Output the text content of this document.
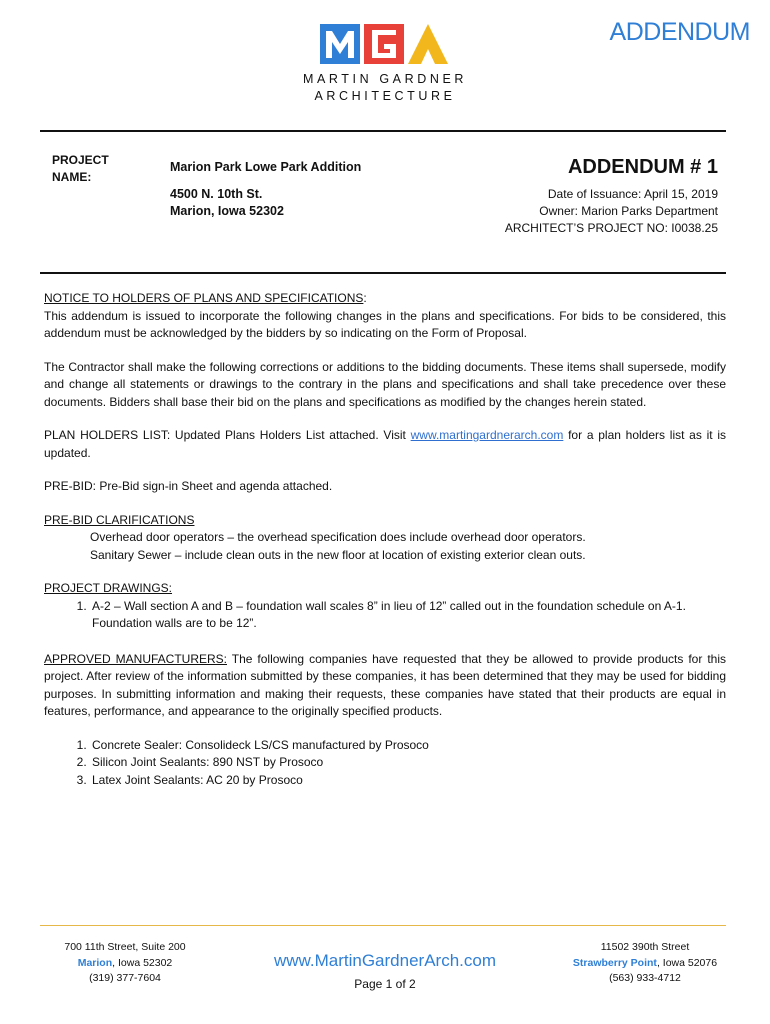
ADDENDUM
MARTIN GARDNER
ARCHITECTURE
PROJECT
NAME:
Marion Park Lowe Park Addition
4500 N. 10th St.
Marion, Iowa 52302
ADDENDUM # 1
Date of Issuance: April 15, 2019
Owner: Marion Parks Department
ARCHITECT’S PROJECT NO: I0038.25

NOTICE TO HOLDERS OF PLANS AND SPECIFICATIONS:
This addendum is issued to incorporate the following changes in the plans and specifications. For bids to be considered, this addendum must be acknowledged by the bidders by so indicating on the Form of Proposal.

The Contractor shall make the following corrections or additions to the bidding documents. These items shall supersede, modify and change all statements or drawings to the contrary in the plans and specifications and shall take precedence over these documents. Bidders shall base their bid on the plans and specifications as modified by the changes herein stated.

PLAN HOLDERS LIST: Updated Plans Holders List attached. Visit www.martingardnerarch.com for a plan holders list as it is updated.

PRE-BID: Pre-Bid sign-in Sheet and agenda attached.

PRE-BID CLARIFICATIONS
Overhead door operators – the overhead specification does include overhead door operators.
Sanitary Sewer – include clean outs in the new floor at location of existing exterior clean outs.

PROJECT DRAWINGS:
1. A-2 – Wall section A and B – foundation wall scales 8” in lieu of 12” called out in the foundation schedule on A-1. Foundation walls are to be 12”.

APPROVED MANUFACTURERS: The following companies have requested that they be allowed to provide products for this project. After review of the information submitted by these companies, it has been determined that they may be used for bidding purposes. In submitting information and making their requests, these companies have stated that their products are equal in features, performance, and appearance to the originally specified products.

1. Concrete Sealer: Consolideck LS/CS manufactured by Prosoco
2. Silicon Joint Sealants: 890 NST by Prosoco
3. Latex Joint Sealants: AC 20 by Prosoco
700 11th Street, Suite 200
Marion, Iowa 52302
(319) 377-7604
www.MartinGardnerArch.com
Page 1 of 2
11502 390th Street
Strawberry Point, Iowa 52076
(563) 933-4712
